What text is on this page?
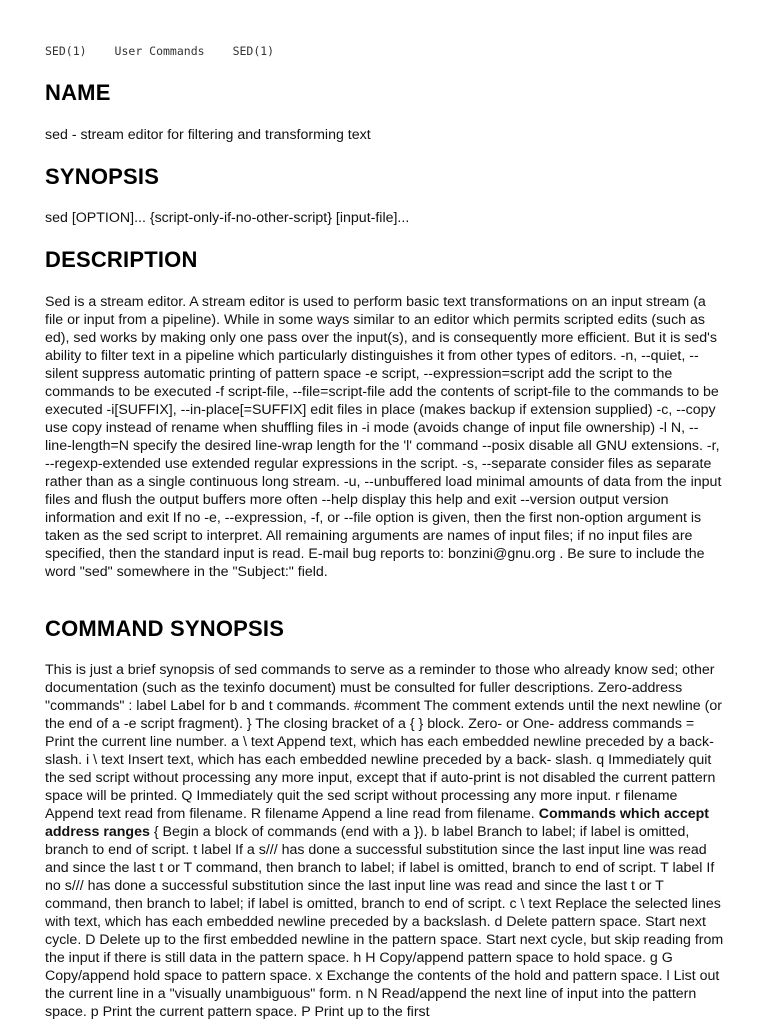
SED(1) User Commands SED(1)
NAME

sed - stream editor for filtering and transforming text

SYNOPSIS

sed [OPTION]... {script-only-if-no-other-script} [input-file]...

DESCRIPTION

Sed is a stream editor. A stream editor is used to perform basic text transformations on an input stream (a file or input from a pipeline). While in some ways similar to an editor which permits scripted edits (such as ed), sed works by making only one pass over the input(s), and is consequently more efficient. But it is sed's ability to filter text in a pipeline which particularly distinguishes it from other types of editors. -n, --quiet, --silent suppress automatic printing of pattern space -e script, --expression=script add the script to the commands to be executed -f script-file, --file=script-file add the contents of script-file to the commands to be executed -i[SUFFIX], --in-place[=SUFFIX] edit files in place (makes backup if extension supplied) -c, --copy use copy instead of rename when shuffling files in -i mode (avoids change of input file ownership) -l N, --line-length=N specify the desired line-wrap length for the 'l' command --posix disable all GNU extensions. -r, --regexp-extended use extended regular expressions in the script. -s, --separate consider files as separate rather than as a single continuous long stream. -u, --unbuffered load minimal amounts of data from the input files and flush the output buffers more often --help display this help and exit --version output version information and exit If no -e, --expression, -f, or --file option is given, then the first non-option argument is taken as the sed script to interpret. All remaining arguments are names of input files; if no input files are specified, then the standard input is read. E-mail bug reports to: bonzini@gnu.org . Be sure to include the word "sed" somewhere in the "Subject:" field.

COMMAND SYNOPSIS

This is just a brief synopsis of sed commands to serve as a reminder to those who already know sed; other documentation (such as the texinfo document) must be consulted for fuller descriptions. Zero-address "commands" : label Label for b and t commands. #comment The comment extends until the next newline (or the end of a -e script fragment). } The closing bracket of a { } block. Zero- or One- address commands = Print the current line number. a \ text Append text, which has each embedded newline preceded by a back- slash. i \ text Insert text, which has each embedded newline preceded by a back- slash. q Immediately quit the sed script without processing any more input, except that if auto-print is not disabled the current pattern space will be printed. Q Immediately quit the sed script without processing any more input. r filename Append text read from filename. R filename Append a line read from filename. Commands which accept address ranges { Begin a block of commands (end with a }). b label Branch to label; if label is omitted, branch to end of script. t label If a s/// has done a successful substitution since the last input line was read and since the last t or T command, then branch to label; if label is omitted, branch to end of script. T label If no s/// has done a successful substitution since the last input line was read and since the last t or T command, then branch to label; if label is omitted, branch to end of script. c \ text Replace the selected lines with text, which has each embedded newline preceded by a backslash. d Delete pattern space. Start next cycle. D Delete up to the first embedded newline in the pattern space. Start next cycle, but skip reading from the input if there is still data in the pattern space. h H Copy/append pattern space to hold space. g G Copy/append hold space to pattern space. x Exchange the contents of the hold and pattern space. l List out the current line in a "visually unambiguous" form. n N Read/append the next line of input into the pattern space. p Print the current pattern space. P Print up to the first
